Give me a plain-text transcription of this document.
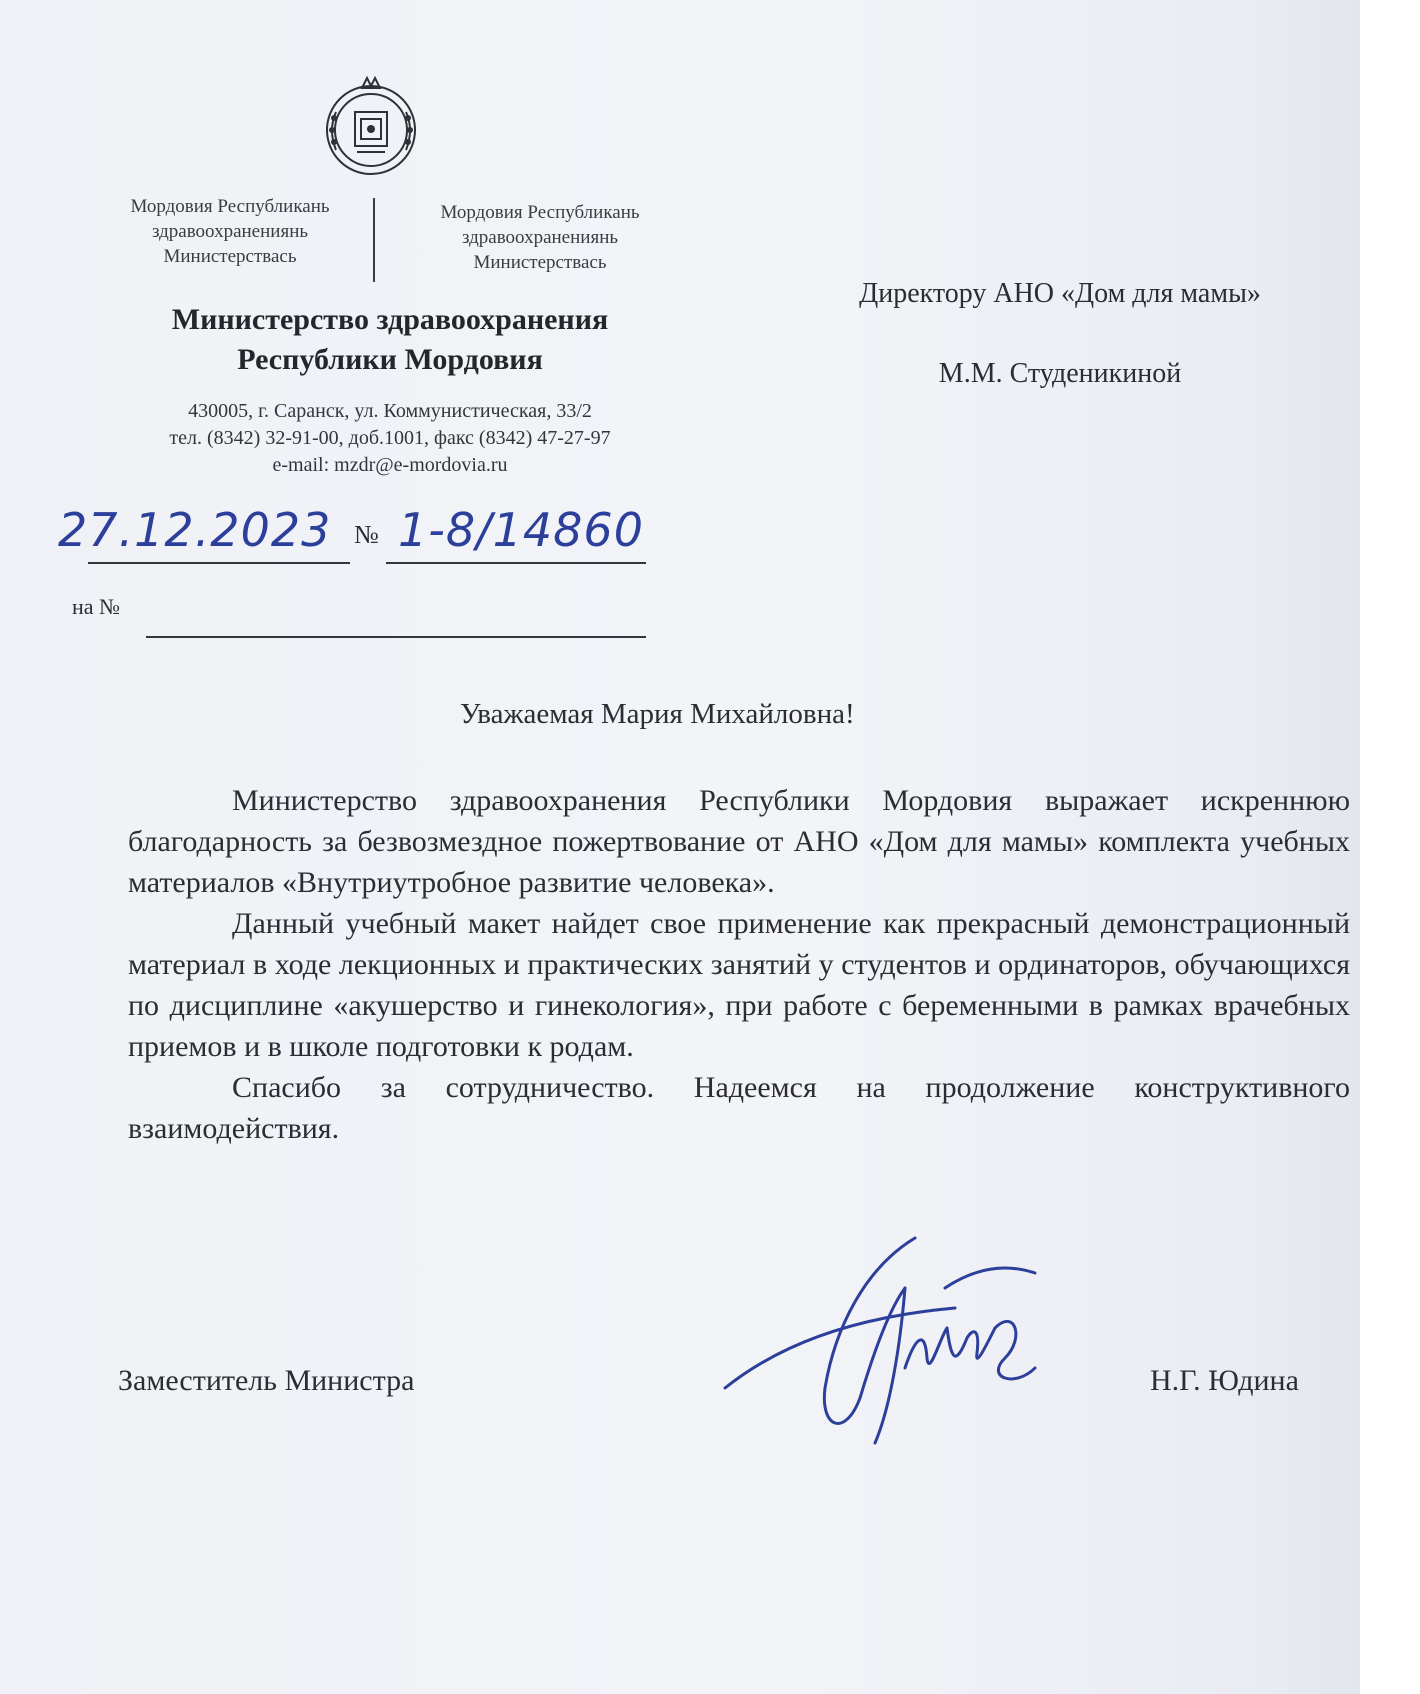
Мордовия Республикань
здравоохранениянь
Министерствась
Мордовия Республикань
здравоохранениянь
Министерствась
Министерство здравоохранения
Республики Мордовия
430005, г. Саранск, ул. Коммунистическая, 33/2
тел. (8342) 32-91-00, доб.1001, факс (8342) 47-27-97
e-mail: mzdr@e-mordovia.ru
27.12.2023 № 1-8/14860
на №
Директору АНО «Дом для мамы»
М.М. Студеникиной
Уважаемая Мария Михайловна!

Министерство здравоохранения Республики Мордовия выражает искреннюю благодарность за безвозмездное пожертвование от АНО «Дом для мамы» комплекта учебных материалов «Внутриутробное развитие человека».

Данный учебный макет найдет свое применение как прекрасный демонстрационный материал в ходе лекционных и практических занятий у студентов и ординаторов, обучающихся по дисциплине «акушерство и гинекология», при работе с беременными в рамках врачебных приемов и в школе подготовки к родам.

Спасибо за сотрудничество. Надеемся на продолжение конструктивного взаимодействия.

Заместитель Министра	Н.Г. Юдина
